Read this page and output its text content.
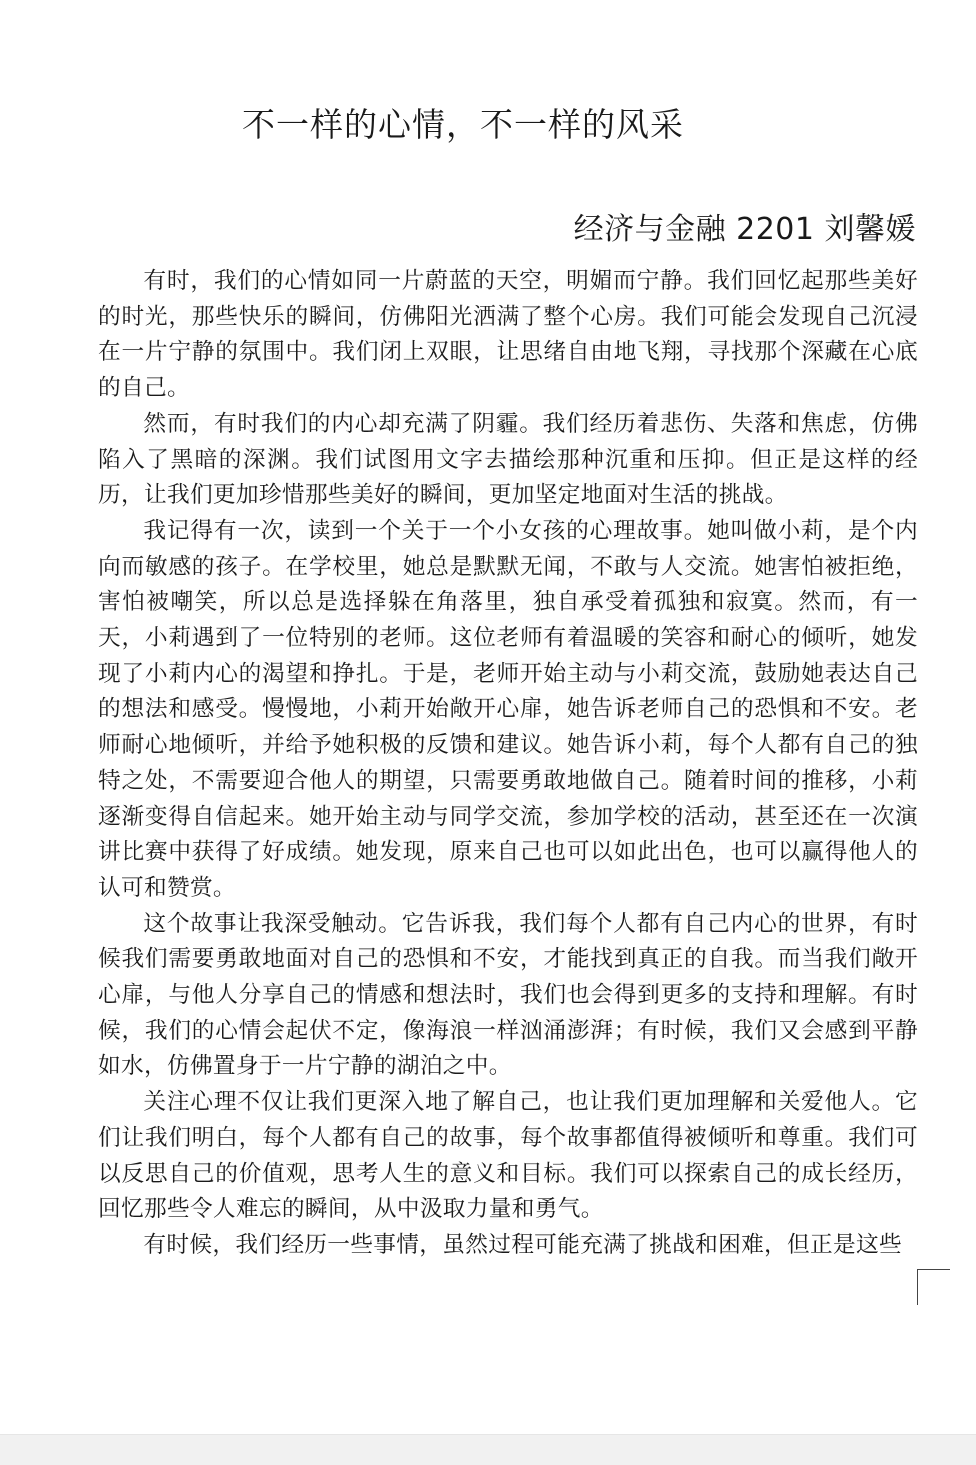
不一样的心情，不一样的风采
经济与金融 2201 刘馨媛

有时，我们的心情如同一片蔚蓝的天空，明媚而宁静。我们回忆起那些美好的时光，那些快乐的瞬间，仿佛阳光洒满了整个心房。我们可能会发现自己沉浸在一片宁静的氛围中。我们闭上双眼，让思绪自由地飞翔，寻找那个深藏在心底的自己。

然而，有时我们的内心却充满了阴霾。我们经历着悲伤、失落和焦虑，仿佛陷入了黑暗的深渊。我们试图用文字去描绘那种沉重和压抑。但正是这样的经历，让我们更加珍惜那些美好的瞬间，更加坚定地面对生活的挑战。

我记得有一次，读到一个关于一个小女孩的心理故事。她叫做小莉，是个内向而敏感的孩子。在学校里，她总是默默无闻，不敢与人交流。她害怕被拒绝，害怕被嘲笑，所以总是选择躲在角落里，独自承受着孤独和寂寞。然而，有一天，小莉遇到了一位特别的老师。这位老师有着温暖的笑容和耐心的倾听，她发现了小莉内心的渴望和挣扎。于是，老师开始主动与小莉交流，鼓励她表达自己的想法和感受。慢慢地，小莉开始敞开心扉，她告诉老师自己的恐惧和不安。老师耐心地倾听，并给予她积极的反馈和建议。她告诉小莉，每个人都有自己的独特之处，不需要迎合他人的期望，只需要勇敢地做自己。随着时间的推移，小莉逐渐变得自信起来。她开始主动与同学交流，参加学校的活动，甚至还在一次演讲比赛中获得了好成绩。她发现，原来自己也可以如此出色，也可以赢得他人的认可和赞赏。

这个故事让我深受触动。它告诉我，我们每个人都有自己内心的世界，有时候我们需要勇敢地面对自己的恐惧和不安，才能找到真正的自我。而当我们敞开心扉，与他人分享自己的情感和想法时，我们也会得到更多的支持和理解。有时候，我们的心情会起伏不定，像海浪一样汹涌澎湃；有时候，我们又会感到平静如水，仿佛置身于一片宁静的湖泊之中。

关注心理不仅让我们更深入地了解自己，也让我们更加理解和关爱他人。它们让我们明白，每个人都有自己的故事，每个故事都值得被倾听和尊重。我们可以反思自己的价值观，思考人生的意义和目标。我们可以探索自己的成长经历，回忆那些令人难忘的瞬间，从中汲取力量和勇气。

有时候，我们经历一些事情，虽然过程可能充满了挑战和困难，但正是这些
